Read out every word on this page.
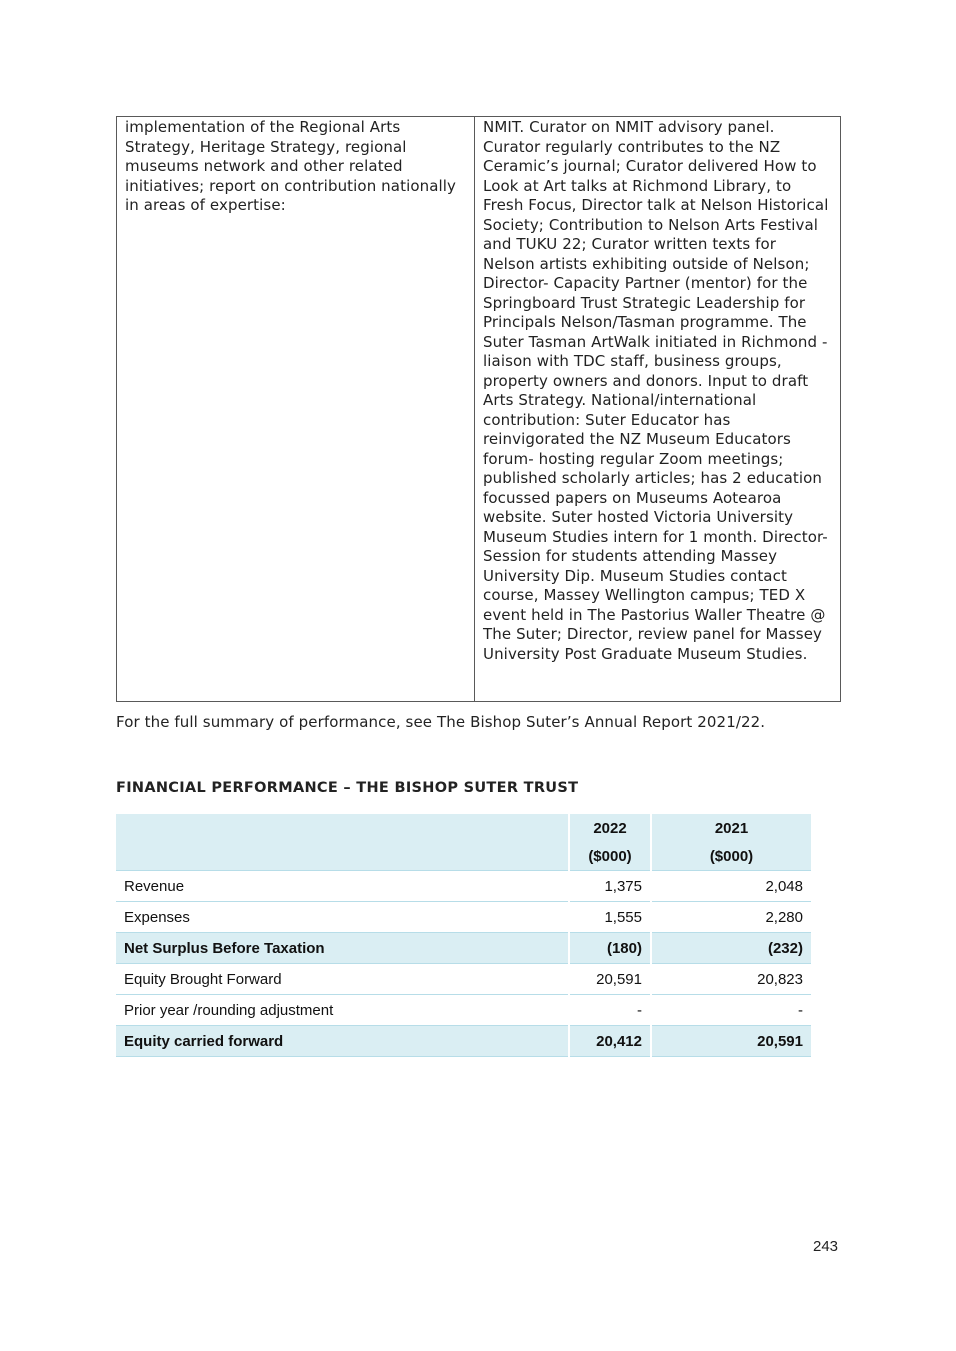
implementation of the Regional Arts Strategy, Heritage Strategy, regional museums network and other related initiatives; report on contribution nationally in areas of expertise:	NMIT. Curator on NMIT advisory panel. Curator regularly contributes to the NZ Ceramic’s journal; Curator delivered How to Look at Art talks at Richmond Library, to Fresh Focus, Director talk at Nelson Historical Society; Contribution to Nelson Arts Festival and TUKU 22; Curator written texts for Nelson artists exhibiting outside of Nelson; Director- Capacity Partner (mentor) for the Springboard Trust Strategic Leadership for Principals Nelson/Tasman programme. The Suter Tasman ArtWalk initiated in Richmond -liaison with TDC staff, business groups, property owners and donors. Input to draft Arts Strategy. National/international contribution: Suter Educator has reinvigorated the NZ Museum Educators forum- hosting regular Zoom meetings; published scholarly articles; has 2 education focussed papers on Museums Aotearoa website. Suter hosted Victoria University Museum Studies intern for 1 month. Director- Session for students attending Massey University Dip. Museum Studies contact course, Massey Wellington campus; TED X event held in The Pastorius Waller Theatre @ The Suter; Director, review panel for Massey University Post Graduate Museum Studies.
For the full summary of performance, see The Bishop Suter’s Annual Report 2021/22.
FINANCIAL PERFORMANCE – THE BISHOP SUTER TRUST
	2022	2021
	($000)	($000)
Revenue	1,375	2,048
Expenses	1,555	2,280
Net Surplus Before Taxation	(180)	(232)
Equity Brought Forward	20,591	20,823
Prior year /rounding adjustment	-	-
Equity carried forward	20,412	20,591
243
